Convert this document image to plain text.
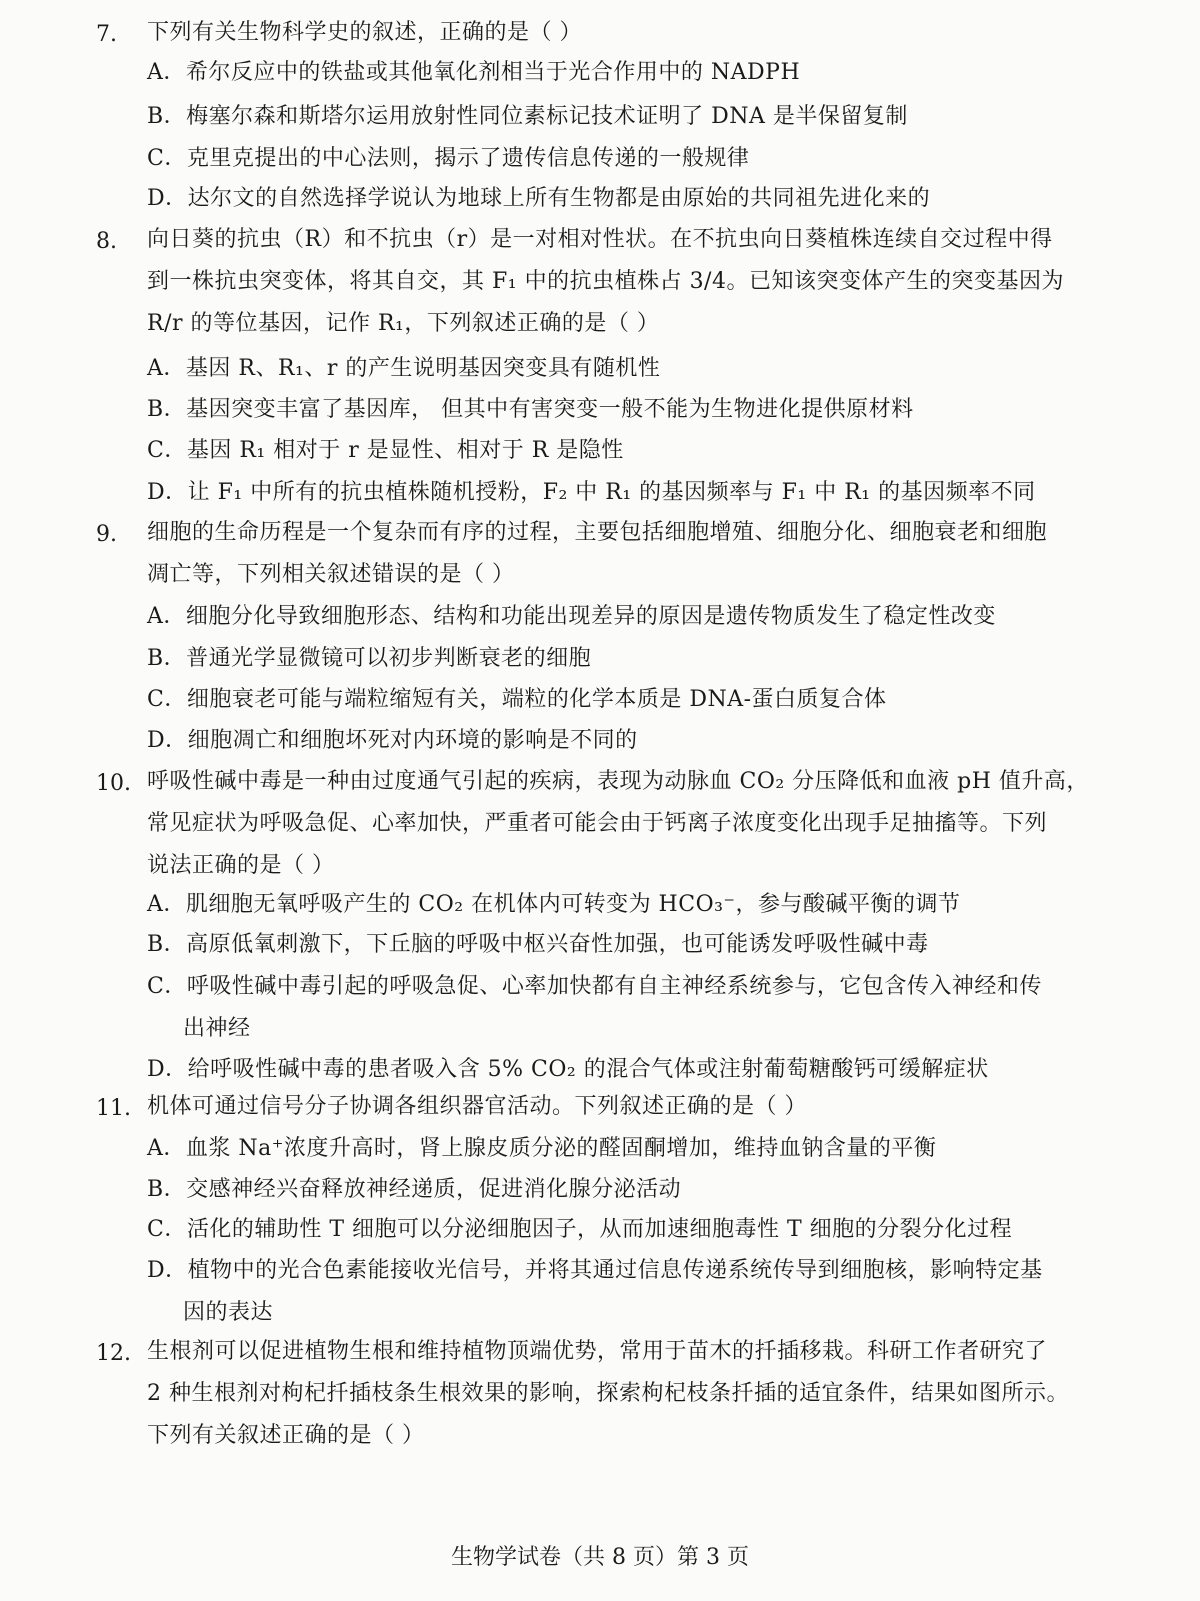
7. 下列有关生物科学史的叙述，正确的是（ ）
A．希尔反应中的铁盐或其他氧化剂相当于光合作用中的 NADPH
B．梅塞尔森和斯塔尔运用放射性同位素标记技术证明了 DNA 是半保留复制
C．克里克提出的中心法则，揭示了遗传信息传递的一般规律
D．达尔文的自然选择学说认为地球上所有生物都是由原始的共同祖先进化来的
8. 向日葵的抗虫（R）和不抗虫（r）是一对相对性状。在不抗虫向日葵植株连续自交过程中得
到一株抗虫突变体，将其自交，其 F₁ 中的抗虫植株占 3/4。已知该突变体产生的突变基因为
R/r 的等位基因，记作 R₁，下列叙述正确的是（ ）
A．基因 R、R₁、r 的产生说明基因突变具有随机性
B．基因突变丰富了基因库， 但其中有害突变一般不能为生物进化提供原材料
C．基因 R₁ 相对于 r 是显性、相对于 R 是隐性
D．让 F₁ 中所有的抗虫植株随机授粉，F₂ 中 R₁ 的基因频率与 F₁ 中 R₁ 的基因频率不同
9. 细胞的生命历程是一个复杂而有序的过程，主要包括细胞增殖、细胞分化、细胞衰老和细胞
凋亡等，下列相关叙述错误的是（ ）
A．细胞分化导致细胞形态、结构和功能出现差异的原因是遗传物质发生了稳定性改变
B．普通光学显微镜可以初步判断衰老的细胞
C．细胞衰老可能与端粒缩短有关，端粒的化学本质是 DNA-蛋白质复合体
D．细胞凋亡和细胞坏死对内环境的影响是不同的
10. 呼吸性碱中毒是一种由过度通气引起的疾病，表现为动脉血 CO₂ 分压降低和血液 pH 值升高，
常见症状为呼吸急促、心率加快，严重者可能会由于钙离子浓度变化出现手足抽搐等。下列
说法正确的是（ ）
A．肌细胞无氧呼吸产生的 CO₂ 在机体内可转变为 HCO₃⁻，参与酸碱平衡的调节
B．高原低氧刺激下，下丘脑的呼吸中枢兴奋性加强，也可能诱发呼吸性碱中毒
C．呼吸性碱中毒引起的呼吸急促、心率加快都有自主神经系统参与，它包含传入神经和传
出神经
D．给呼吸性碱中毒的患者吸入含 5% CO₂ 的混合气体或注射葡萄糖酸钙可缓解症状
11. 机体可通过信号分子协调各组织器官活动。下列叙述正确的是（ ）
A．血浆 Na⁺浓度升高时，肾上腺皮质分泌的醛固酮增加，维持血钠含量的平衡
B．交感神经兴奋释放神经递质，促进消化腺分泌活动
C．活化的辅助性 T 细胞可以分泌细胞因子，从而加速细胞毒性 T 细胞的分裂分化过程
D．植物中的光合色素能接收光信号，并将其通过信息传递系统传导到细胞核，影响特定基
因的表达
12. 生根剂可以促进植物生根和维持植物顶端优势，常用于苗木的扦插移栽。科研工作者研究了
2 种生根剂对枸杞扦插枝条生根效果的影响，探索枸杞枝条扦插的适宜条件，结果如图所示。
下列有关叙述正确的是（ ）
生物学试卷（共 8 页）第 3 页
